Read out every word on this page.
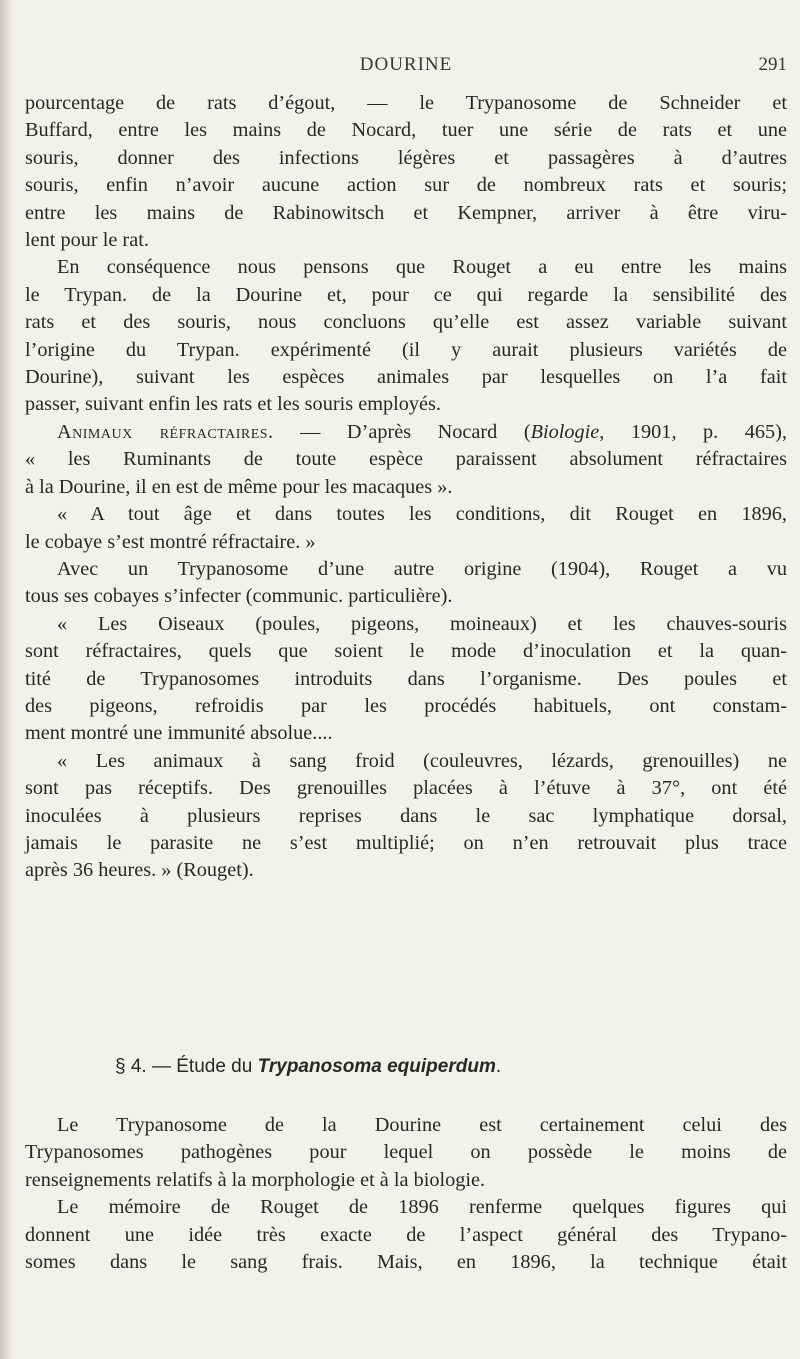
DOURINE	291
pourcentage de rats d’égout, — le Trypanosome de Schneider et
Buffard, entre les mains de Nocard, tuer une série de rats et une
souris, donner des infections légères et passagères à d’autres
souris, enfin n’avoir aucune action sur de nombreux rats et souris;
entre les mains de Rabinowitsch et Kempner, arriver à être viru-
lent pour le rat.
En conséquence nous pensons que Rouget a eu entre les mains
le Trypan. de la Dourine et, pour ce qui regarde la sensibilité des
rats et des souris, nous concluons qu’elle est assez variable suivant
l’origine du Trypan. expérimenté (il y aurait plusieurs variétés de
Dourine), suivant les espèces animales par lesquelles on l’a fait
passer, suivant enfin les rats et les souris employés.
Animaux réfractaires. — D’après Nocard (Biologie, 1901, p. 465),
« les Ruminants de toute espèce paraissent absolument réfractaires
à la Dourine, il en est de même pour les macaques ».
« A tout âge et dans toutes les conditions, dit Rouget en 1896,
le cobaye s’est montré réfractaire. »
Avec un Trypanosome d’une autre origine (1904), Rouget a vu
tous ses cobayes s’infecter (communic. particulière).
« Les Oiseaux (poules, pigeons, moineaux) et les chauves-souris
sont réfractaires, quels que soient le mode d’inoculation et la quan-
tité de Trypanosomes introduits dans l’organisme. Des poules et
des pigeons, refroidis par les procédés habituels, ont constam-
ment montré une immunité absolue....
« Les animaux à sang froid (couleuvres, lézards, grenouilles) ne
sont pas réceptifs. Des grenouilles placées à l’étuve à 37°, ont été
inoculées à plusieurs reprises dans le sac lymphatique dorsal,
jamais le parasite ne s’est multiplié; on n’en retrouvait plus trace
après 36 heures. » (Rouget).
§ 4. — Étude du Trypanosoma equiperdum.
Le Trypanosome de la Dourine est certainement celui des
Trypanosomes pathogènes pour lequel on possède le moins de
renseignements relatifs à la morphologie et à la biologie.
Le mémoire de Rouget de 1896 renferme quelques figures qui
donnent une idée très exacte de l’aspect général des Trypano-
somes dans le sang frais. Mais, en 1896, la technique était
